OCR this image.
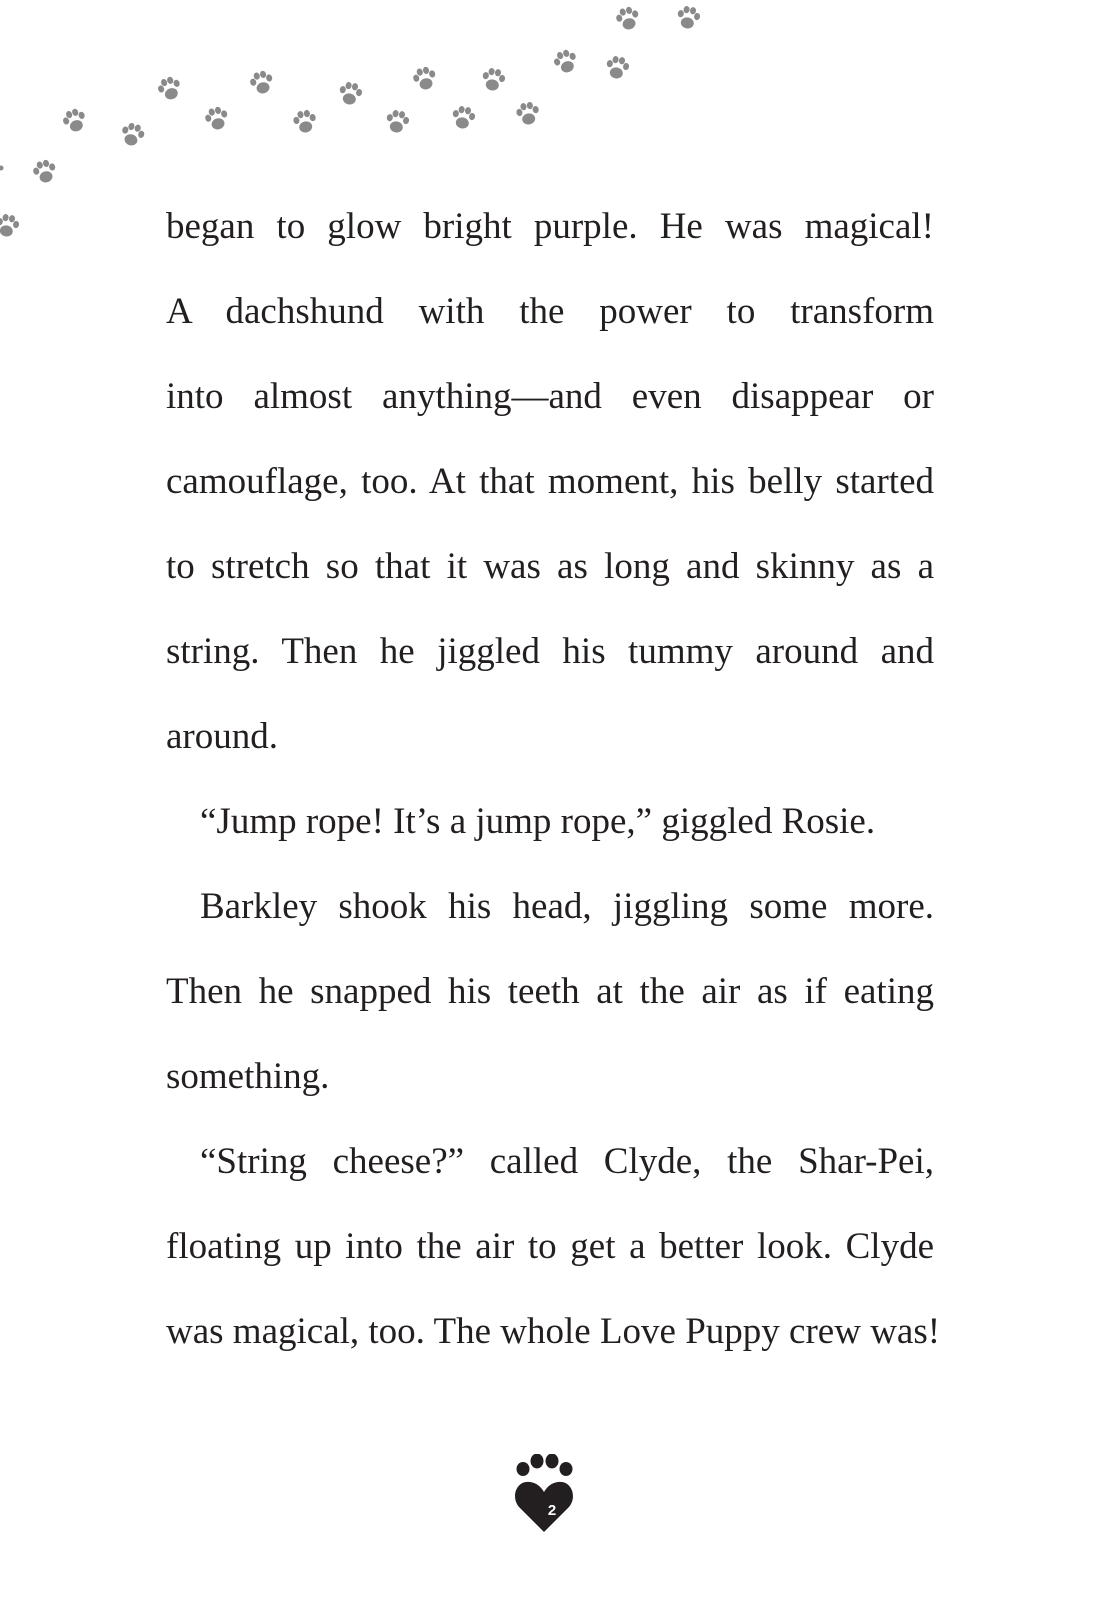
began to glow bright purple. He was magical!
A dachshund with the power to transform
into almost anything—and even disappear or
camouflage, too. At that moment, his belly started
to stretch so that it was as long and skinny as a
string. Then he jiggled his tummy around and
around.
“Jump rope! It’s a jump rope,” giggled Rosie.
Barkley shook his head, jiggling some more.
Then he snapped his teeth at the air as if eating
something.
“String cheese?” called Clyde, the Shar-Pei,
floating up into the air to get a better look. Clyde
was magical, too. The whole Love Puppy crew was!
2
